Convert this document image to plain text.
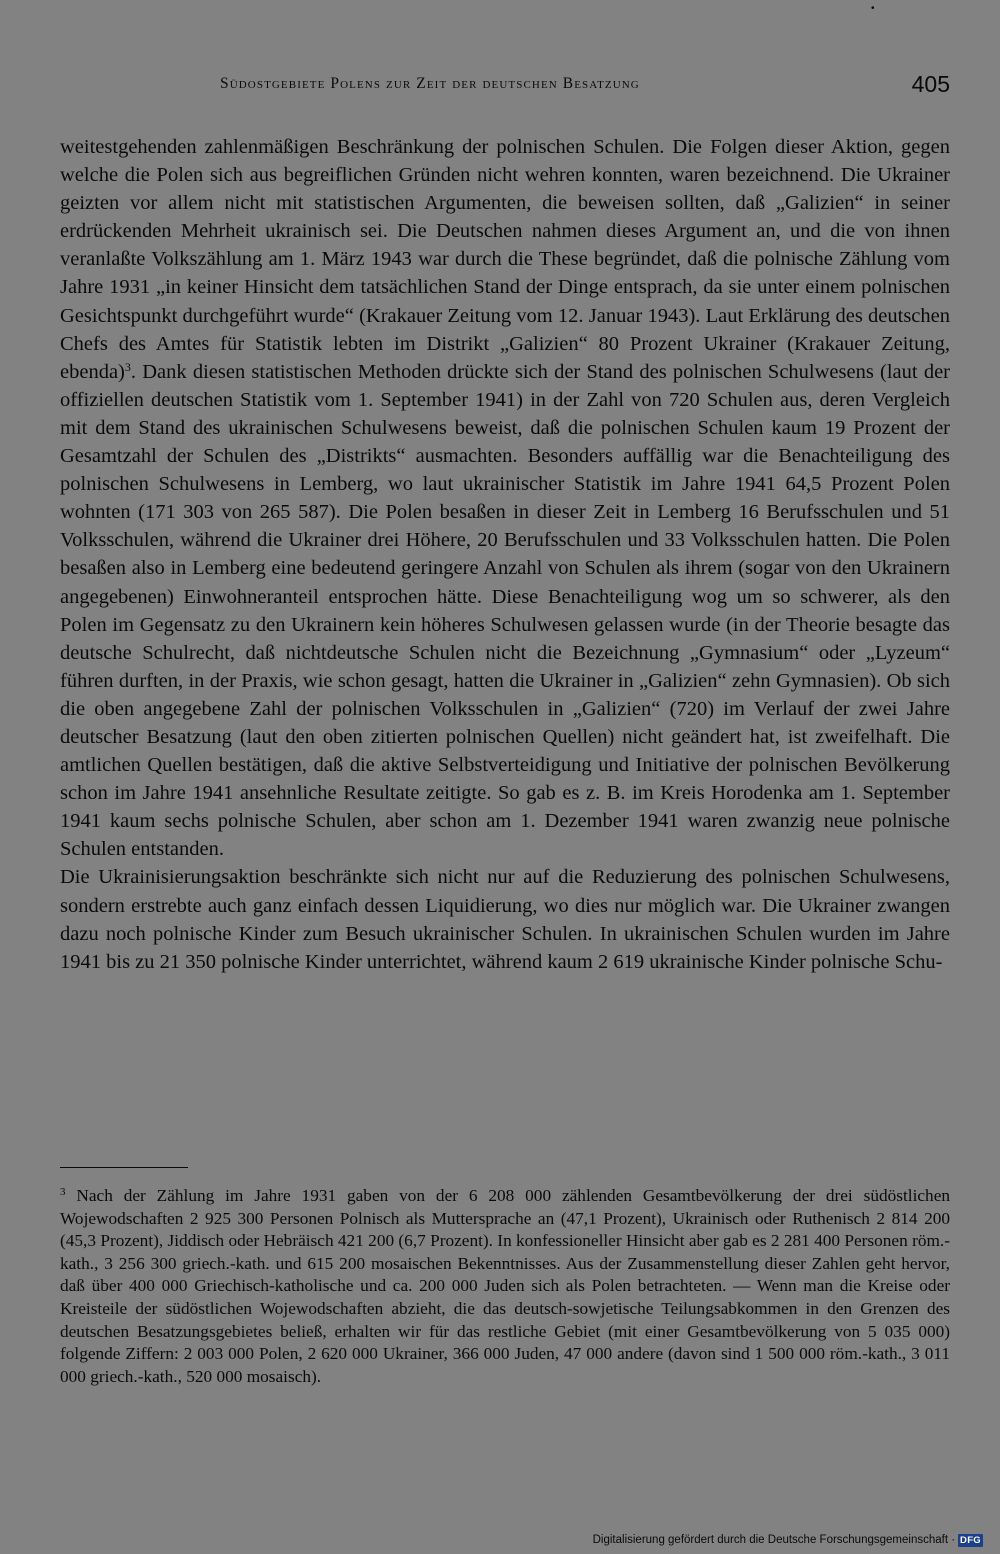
•
Südostgebiete Polens zur Zeit der deutschen Besatzung	405

weitestgehenden zahlenmäßigen Beschränkung der polnischen Schulen. Die Folgen dieser Aktion, gegen welche die Polen sich aus begreiflichen Gründen nicht wehren konnten, waren bezeichnend. Die Ukrainer geizten vor allem nicht mit statistischen Argumenten, die beweisen sollten, daß „Galizien“ in seiner erdrückenden Mehrheit ukrainisch sei. Die Deutschen nahmen dieses Argument an, und die von ihnen veranlaßte Volkszählung am 1. März 1943 war durch die These begründet, daß die polnische Zählung vom Jahre 1931 „in keiner Hinsicht dem tatsächlichen Stand der Dinge entsprach, da sie unter einem polnischen Gesichtspunkt durchgeführt wurde“ (Krakauer Zeitung vom 12. Januar 1943). Laut Erklärung des deutschen Chefs des Amtes für Statistik lebten im Distrikt „Galizien“ 80 Prozent Ukrainer (Krakauer Zeitung, ebenda)$^3$. Dank diesen statistischen Methoden drückte sich der Stand des polnischen Schulwesens (laut der offiziellen deutschen Statistik vom 1. September 1941) in der Zahl von 720 Schulen aus, deren Vergleich mit dem Stand des ukrainischen Schulwesens beweist, daß die polnischen Schulen kaum 19 Prozent der Gesamtzahl der Schulen des „Distrikts“ ausmachten. Besonders auffällig war die Benachteiligung des polnischen Schulwesens in Lemberg, wo laut ukrainischer Statistik im Jahre 1941 64,5 Prozent Polen wohnten (171 303 von 265 587). Die Polen besaßen in dieser Zeit in Lemberg 16 Berufsschulen und 51 Volksschulen, während die Ukrainer drei Höhere, 20 Berufsschulen und 33 Volksschulen hatten. Die Polen besaßen also in Lemberg eine bedeutend geringere Anzahl von Schulen als ihrem (sogar von den Ukrainern angegebenen) Einwohneranteil entsprochen hätte. Diese Benachteiligung wog um so schwerer, als den Polen im Gegensatz zu den Ukrainern kein höheres Schulwesen gelassen wurde (in der Theorie besagte das deutsche Schulrecht, daß nichtdeutsche Schulen nicht die Bezeichnung „Gymnasium“ oder „Lyzeum“ führen durften, in der Praxis, wie schon gesagt, hatten die Ukrainer in „Galizien“ zehn Gymnasien). Ob sich die oben angegebene Zahl der polnischen Volksschulen in „Galizien“ (720) im Verlauf der zwei Jahre deutscher Besatzung (laut den oben zitierten polnischen Quellen) nicht geändert hat, ist zweifelhaft. Die amtlichen Quellen bestätigen, daß die aktive Selbstverteidigung und Initiative der polnischen Bevölkerung schon im Jahre 1941 ansehnliche Resultate zeitigte. So gab es z. B. im Kreis Horodenka am 1. September 1941 kaum sechs polnische Schulen, aber schon am 1. Dezember 1941 waren zwanzig neue polnische Schulen entstanden.

Die Ukrainisierungsaktion beschränkte sich nicht nur auf die Reduzierung des polnischen Schulwesens, sondern erstrebte auch ganz einfach dessen Liquidierung, wo dies nur möglich war. Die Ukrainer zwangen dazu noch polnische Kinder zum Besuch ukrainischer Schulen. In ukrainischen Schulen wurden im Jahre 1941 bis zu 21 350 polnische Kinder unterrichtet, während kaum 2 619 ukrainische Kinder polnische Schu-

$^3$ Nach der Zählung im Jahre 1931 gaben von der 6 208 000 zählenden Gesamtbevölkerung der drei südöstlichen Wojewodschaften 2 925 300 Personen Polnisch als Muttersprache an (47,1 Prozent), Ukrainisch oder Ruthenisch 2 814 200 (45,3 Prozent), Jiddisch oder Hebräisch 421 200 (6,7 Prozent). In konfessioneller Hinsicht aber gab es 2 281 400 Personen röm.-kath., 3 256 300 griech.-kath. und 615 200 mosaischen Bekenntnisses. Aus der Zusammenstellung dieser Zahlen geht hervor, daß über 400 000 Griechisch-katholische und ca. 200 000 Juden sich als Polen betrachteten. — Wenn man die Kreise oder Kreisteile der südöstlichen Wojewodschaften abzieht, die das deutsch-sowjetische Teilungsabkommen in den Grenzen des deutschen Besatzungsgebietes beließ, erhalten wir für das restliche Gebiet (mit einer Gesamtbevölkerung von 5 035 000) folgende Ziffern: 2 003 000 Polen, 2 620 000 Ukrainer, 366 000 Juden, 47 000 andere (davon sind 1 500 000 röm.-kath., 3 011 000 griech.-kath., 520 000 mosaisch).

Digitalisierung gefördert durch die Deutsche Forschungsgemeinschaft · DFG
